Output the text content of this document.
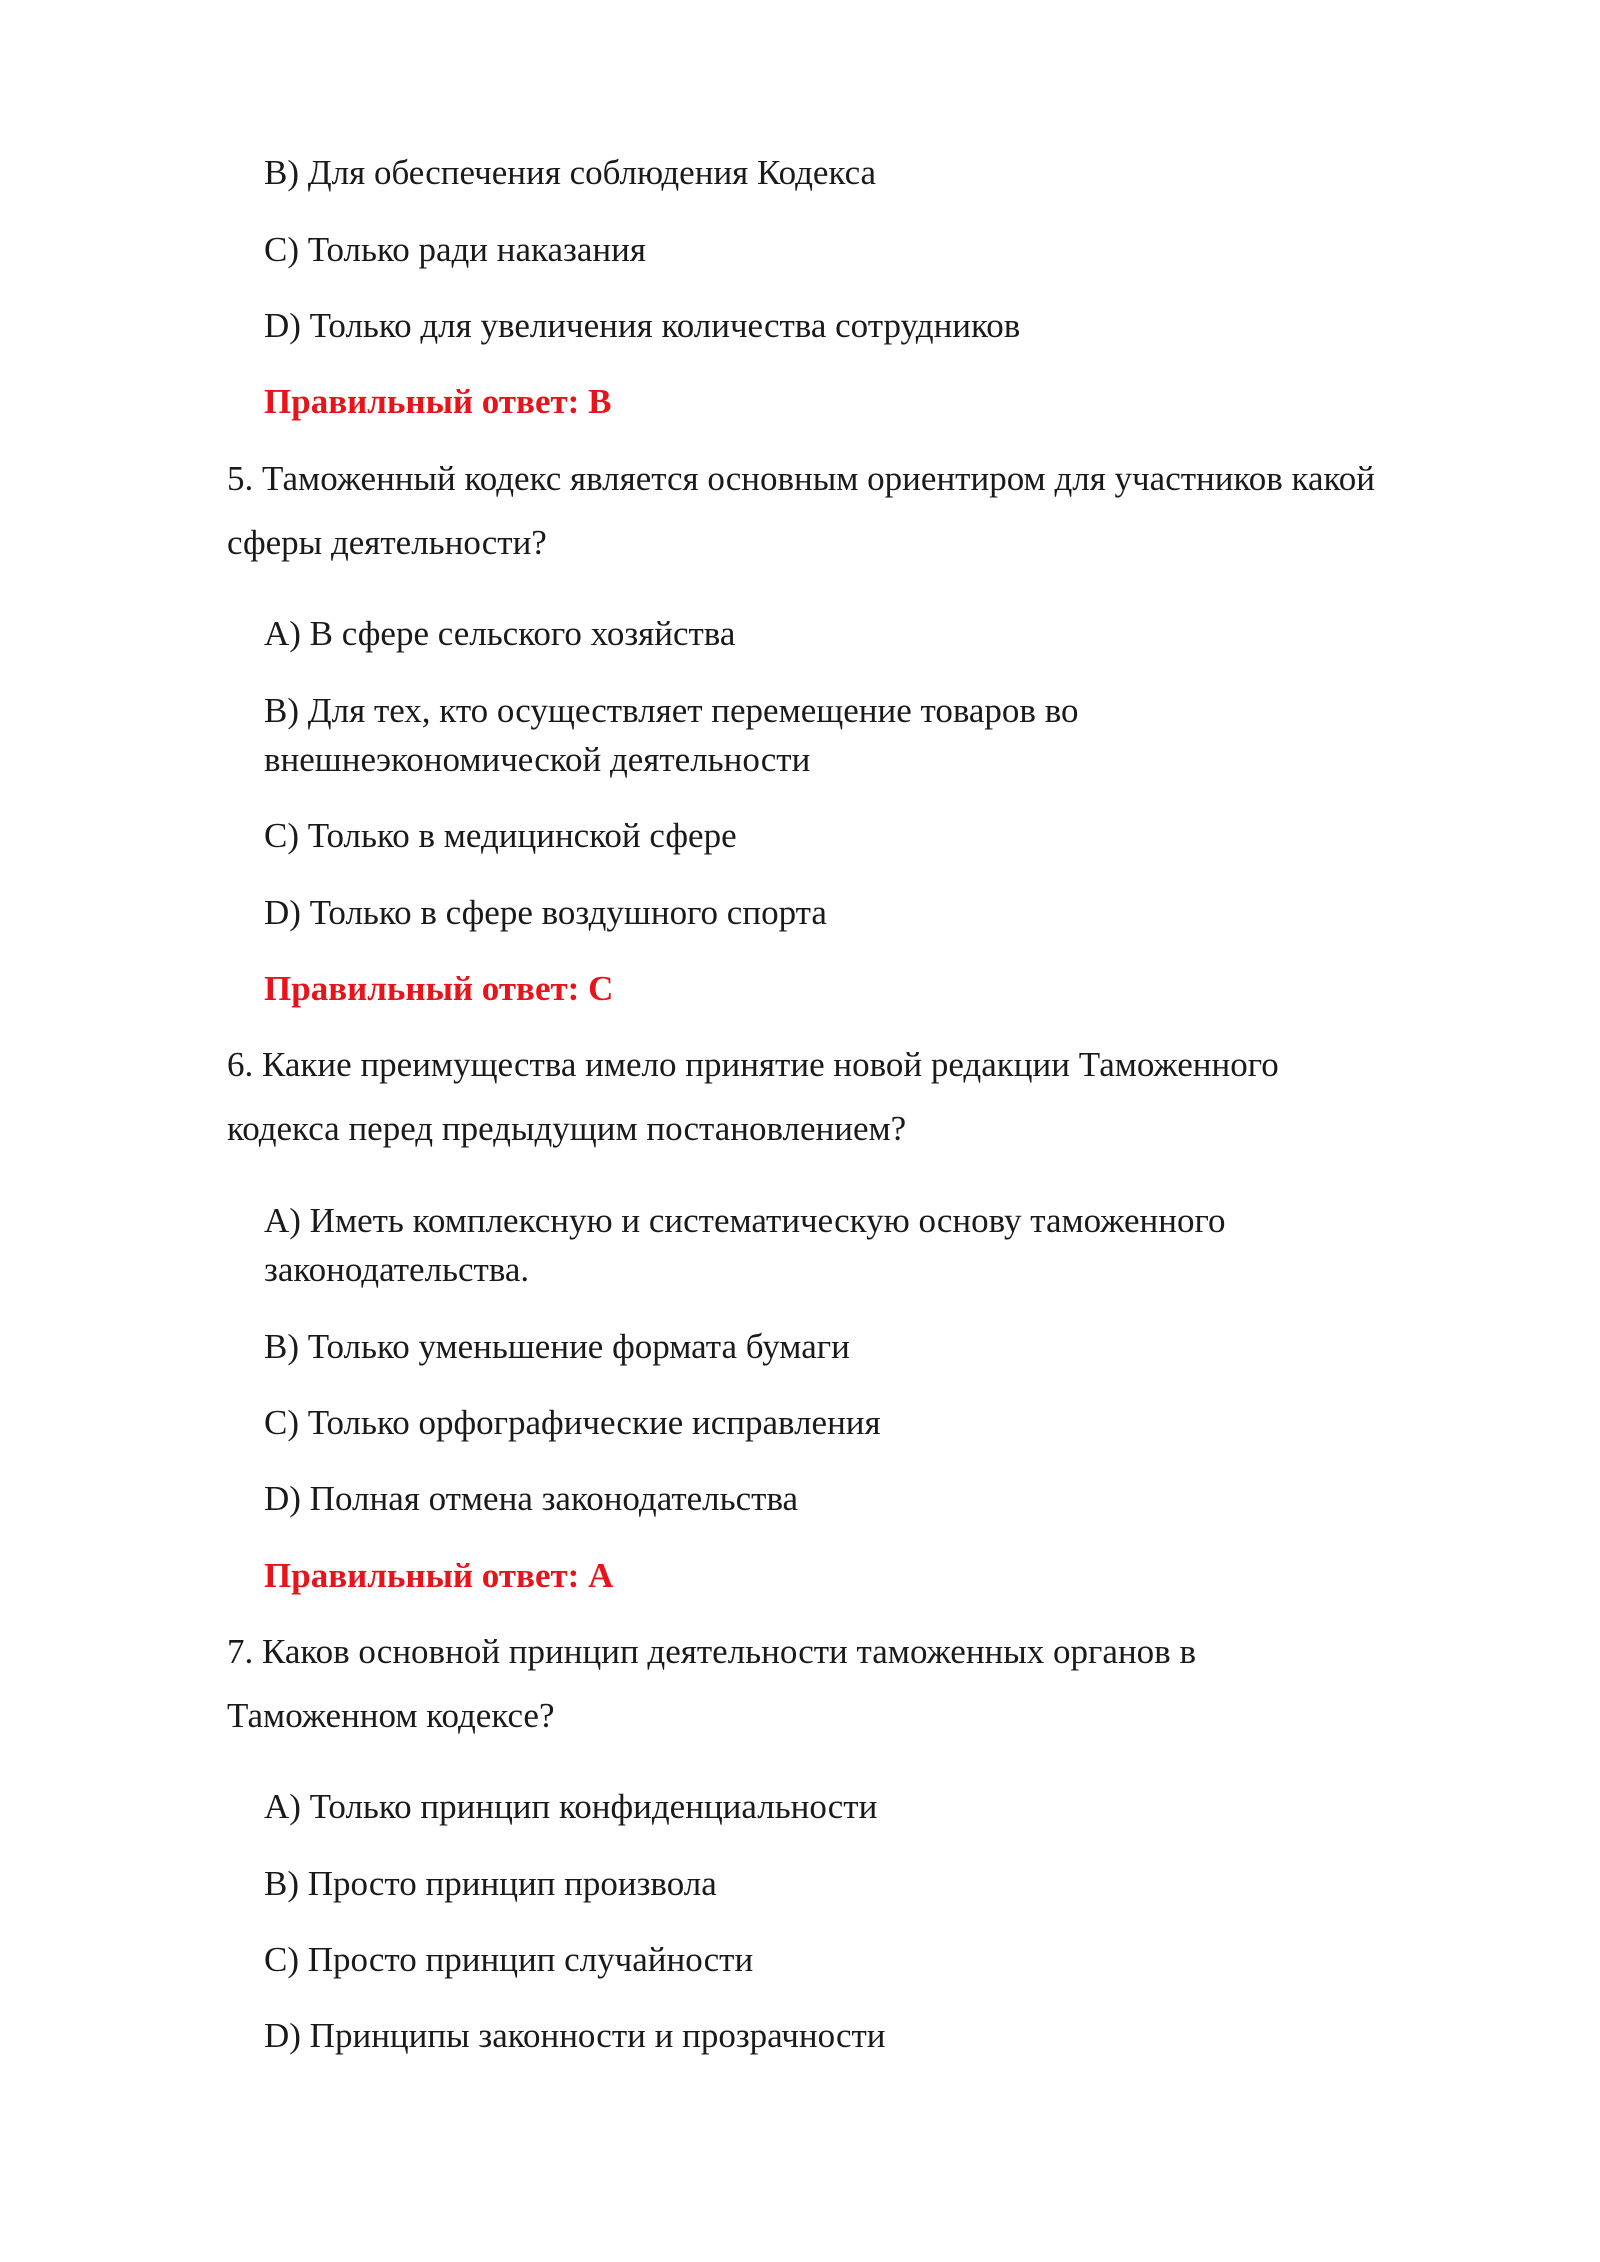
B) Для обеспечения соблюдения Кодекса

C) Только ради наказания

D) Только для увеличения количества сотрудников

Правильный ответ: B

5. Таможенный кодекс является основным ориентиром для участников какой

сферы деятельности?

A) В сфере сельского хозяйства

B) Для тех, кто осуществляет перемещение товаров во

внешнеэкономической деятельности

C) Только в медицинской сфере

D) Только в сфере воздушного спорта

Правильный ответ: C

6. Какие преимущества имело принятие новой редакции Таможенного

кодекса перед предыдущим постановлением?

A) Иметь комплексную и систематическую основу таможенного

законодательства.

B) Только уменьшение формата бумаги

C) Только орфографические исправления

D) Полная отмена законодательства

Правильный ответ: A

7. Каков основной принцип деятельности таможенных органов в

Таможенном кодексе?

A) Только принцип конфиденциальности

B) Просто принцип произвола

C) Просто принцип случайности

D) Принципы законности и прозрачности
